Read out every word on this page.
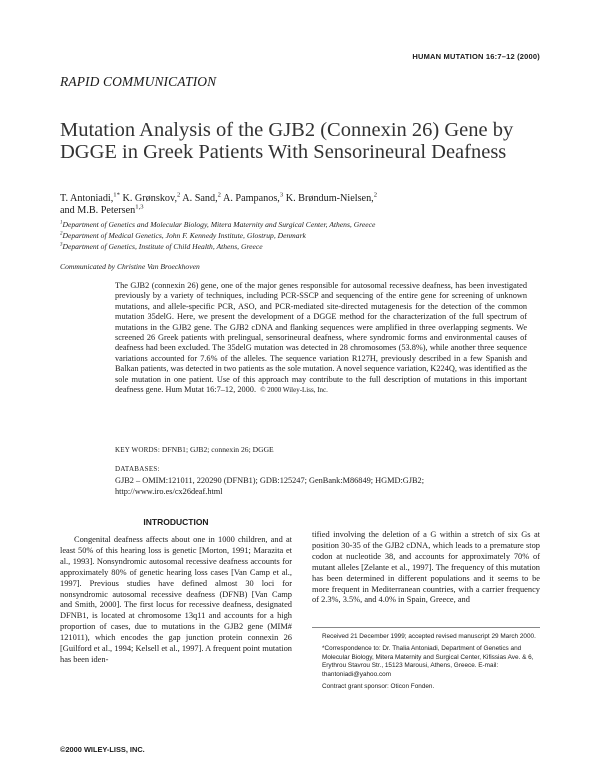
HUMAN MUTATION 16:7–12 (2000)
RAPID COMMUNICATION
Mutation Analysis of the GJB2 (Connexin 26) Gene by DGGE in Greek Patients With Sensorineural Deafness
T. Antoniadi,$^{1*}$ K. Grønskov,$^2$ A. Sand,$^2$ A. Pampanos,$^3$ K. Brøndum-Nielsen,$^2$
and M.B. Petersen$^{1,3}$
$^1$Department of Genetics and Molecular Biology, Mitera Maternity and Surgical Center, Athens, Greece
$^2$Department of Medical Genetics, John F. Kennedy Institute, Glostrup, Denmark
$^3$Department of Genetics, Institute of Child Health, Athens, Greece
Communicated by Christine Van Broeckhoven
The GJB2 (connexin 26) gene, one of the major genes responsible for autosomal recessive deafness, has been investigated previously by a variety of techniques, including PCR-SSCP and sequencing of the entire gene for screening of unknown mutations, and allele-specific PCR, ASO, and PCR-mediated site-directed mutagenesis for the detection of the common mutation 35delG. Here, we present the development of a DGGE method for the characterization of the full spectrum of mutations in the GJB2 gene. The GJB2 cDNA and flanking sequences were amplified in three overlapping segments. We screened 26 Greek patients with prelingual, sensorineural deafness, where syndromic forms and environmental causes of deafness had been excluded. The 35delG mutation was detected in 28 chromosomes (53.8%), while another three sequence variations accounted for 7.6% of the alleles. The sequence variation R127H, previously described in a few Spanish and Balkan patients, was detected in two patients as the sole mutation. A novel sequence variation, K224Q, was identified as the sole mutation in one patient. Use of this approach may contribute to the full description of mutations in this important deafness gene. Hum Mutat 16:7–12, 2000. © 2000 Wiley-Liss, Inc.
KEY WORDS: DFNB1; GJB2; connexin 26; DGGE
DATABASES:
GJB2 – OMIM:121011, 220290 (DFNB1); GDB:125247; GenBank:M86849; HGMD:GJB2; http://www.iro.es/cx26deaf.html
INTRODUCTION
Congenital deafness affects about one in 1000 children, and at least 50% of this hearing loss is genetic [Morton, 1991; Marazita et al., 1993]. Nonsyndromic autosomal recessive deafness accounts for approximately 80% of genetic hearing loss cases [Van Camp et al., 1997]. Previous studies have defined almost 30 loci for nonsyndromic autosomal recessive deafness (DFNB) [Van Camp and Smith, 2000]. The first locus for recessive deafness, designated DFNB1, is located at chromosome 13q11 and accounts for a high proportion of cases, due to mutations in the GJB2 gene (MIM# 121011), which encodes the gap junction protein connexin 26 [Guilford et al., 1994; Kelsell et al., 1997]. A frequent point mutation has been iden-
tified involving the deletion of a G within a stretch of six Gs at position 30-35 of the GJB2 cDNA, which leads to a premature stop codon at nucleotide 38, and accounts for approximately 70% of mutant alleles [Zelante et al., 1997]. The frequency of this mutation has been determined in different populations and it seems to be more frequent in Mediterranean countries, with a carrier frequency of 2.3%, 3.5%, and 4.0% in Spain, Greece, and

Received 21 December 1999; accepted revised manuscript 29 March 2000.

*Correspondence to: Dr. Thalia Antoniadi, Department of Genetics and Molecular Biology, Mitera Maternity and Surgical Center, Kifissias Ave. & 6, Erythrou Stavrou Str., 15123 Marousi, Athens, Greece. E-mail: thantoniadi@yahoo.com

Contract grant sponsor: Oticon Fonden.

©2000 WILEY-LISS, INC.
